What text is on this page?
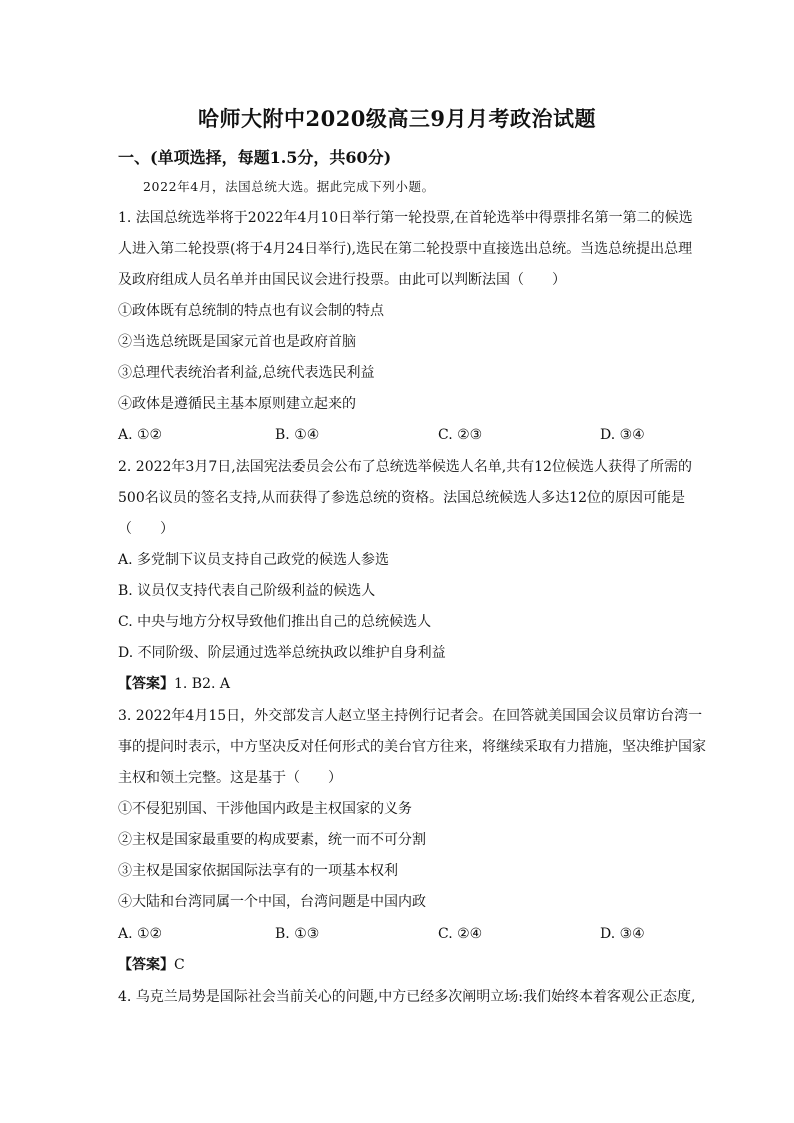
哈师大附中2020级高三9月月考政治试题
一、(单项选择，每题1.5分，共60分)
2022年4月，法国总统大选。据此完成下列小题。
1. 法国总统选举将于2022年4月10日举行第一轮投票,在首轮选举中得票排名第一第二的候选
人进入第二轮投票(将于4月24日举行),选民在第二轮投票中直接选出总统。当选总统提出总理
及政府组成人员名单并由国民议会进行投票。由此可以判断法国（　　）
①政体既有总统制的特点也有议会制的特点
②当选总统既是国家元首也是政府首脑
③总理代表统治者利益,总统代表选民利益
④政体是遵循民主基本原则建立起来的
A. ①②	B. ①④	C. ②③	D. ③④
2. 2022年3月7日,法国宪法委员会公布了总统选举候选人名单,共有12位候选人获得了所需的
500名议员的签名支持,从而获得了参选总统的资格。法国总统候选人多达12位的原因可能是
（　　）
A. 多党制下议员支持自己政党的候选人参选
B. 议员仅支持代表自己阶级利益的候选人
C. 中央与地方分权导致他们推出自己的总统候选人
D. 不同阶级、阶层通过选举总统执政以维护自身利益
【答案】1. B2. A
3. 2022年4月15日，外交部发言人赵立坚主持例行记者会。在回答就美国国会议员窜访台湾一
事的提问时表示，中方坚决反对任何形式的美台官方往来，将继续采取有力措施，坚决维护国家
主权和领土完整。这是基于（　　）
①不侵犯别国、干涉他国内政是主权国家的义务
②主权是国家最重要的构成要素，统一而不可分割
③主权是国家依据国际法享有的一项基本权利
④大陆和台湾同属一个中国，台湾问题是中国内政
A. ①②	B. ①③	C. ②④	D. ③④
【答案】C
4. 乌克兰局势是国际社会当前关心的问题,中方已经多次阐明立场:我们始终本着客观公正态度,
